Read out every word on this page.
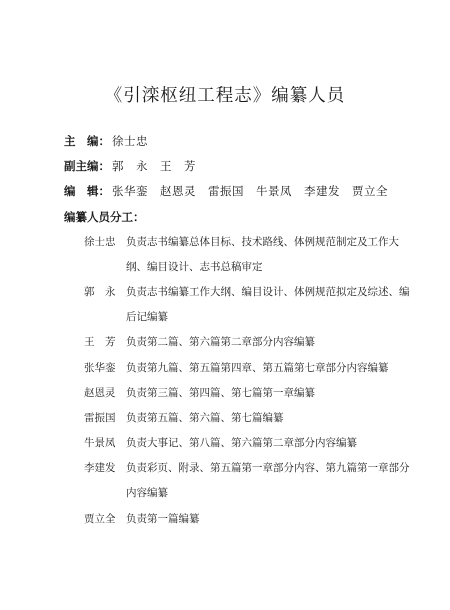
《引滦枢纽工程志》编纂人员
主　编： 徐士忠
副主编： 郭　永　王　芳
编　辑： 张华銮　赵恩灵　雷振国　牛景凤　李建发　贾立全
编纂人员分工：
徐士忠	负责志书编纂总体目标、技术路线、体例规范制定及工作大纲、编目设计、志书总稿审定
郭　永	负责志书编纂工作大纲、编目设计、体例规范拟定及综述、编后记编纂
王　芳	负责第二篇、第六篇第二章部分内容编纂
张华銮	负责第九篇、第五篇第四章、第五篇第七章部分内容编纂
赵恩灵	负责第三篇、第四篇、第七篇第一章编纂
雷振国	负责第五篇、第六篇、第七篇编纂
牛景凤	负责大事记、第八篇、第六篇第二章部分内容编纂
李建发	负责彩页、附录、第五篇第一章部分内容、第九篇第一章部分内容编纂
贾立全	负责第一篇编纂
